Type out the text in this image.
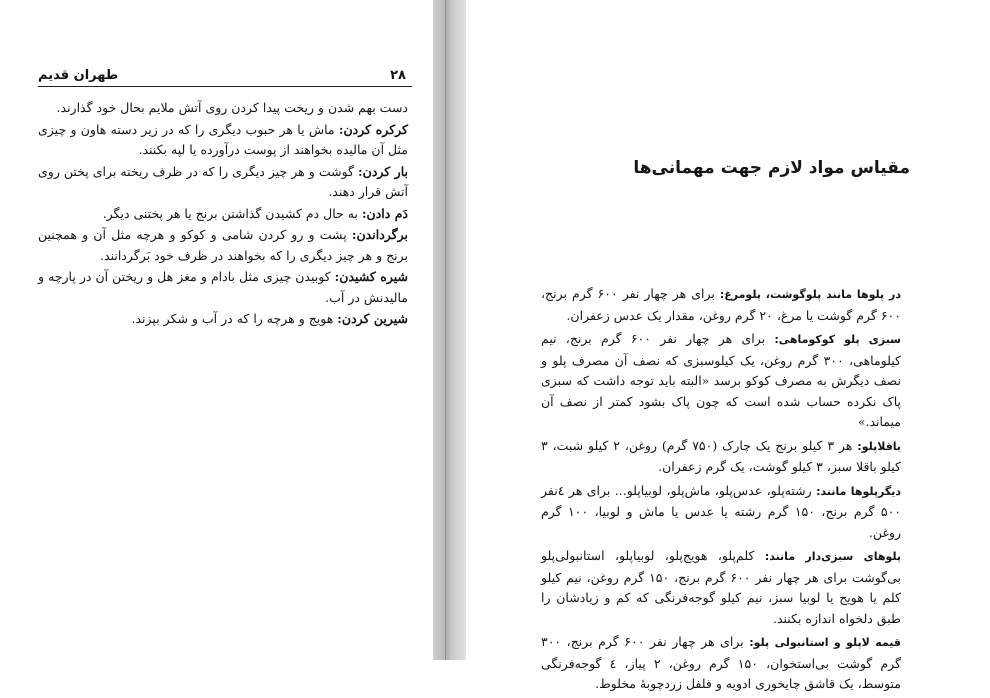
طهران قدیم	۲۸

دست بهم شدن و ریخت پیدا کردن روی آتش ملایم بحال خود گذارند.

کرکره کردن: ماش یا هر حبوب دیگری را که در زیر دسته هاون و چیزی مثل آن مالیده بخواهند از پوست درآورده یا لپه بکنند.

بار کردن: گوشت و هر چیز دیگری را که در ظرف ریخته برای پختن روی آتش قرار دهند.

دَم دادن: به حال دم کشیدن گذاشتن برنج یا هر پختنی دیگر.

برگرداندن: پشت و رو کردن شامی و کوکو و هرچه مثل آن و همچنین برنج و هر چیز دیگری را که بخواهند در ظرف خود بَرگردانند.

شیره کشیدن: کوبیدن چیزی مثل بادام و مغز هل و ریختن آن در پارچه و مالیدنش در آب.

شیرین کردن: هویج و هرچه را که در آب و شکر بپزند.

مقیاس مواد لازم جهت مهمانی‌ها

در پلوها مانند پلوگوشت، پلومرغ: برای هر چهار نفر ۶۰۰ گرم برنج، ۶۰۰ گرم گوشت یا مرغ، ۲۰ گرم روغن، مقدار یک عدس زعفران.

سبزی پلو کوکوماهی: برای هر چهار نفر ۶۰۰ گرم برنج، نیم کیلوماهی، ۳۰۰ گرم روغن، یک کیلوسبزی که نصف آن مصرف پلو و نصف دیگرش به مصرف کوکو برسد «البته باید توجه داشت که سبزی پاک نکرده حساب شده است که چون پاک بشود کمتر از نصف آن میماند.»

باقلاپلو: هر ۳ کیلو برنج یک چارک (۷۵۰ گرم) روغن، ۲ کیلو شبت، ۳ کیلو باقلا سبز، ۳ کیلو گوشت، یک گرم زعفران.

دیگرپلوها مانند: رشته‌پلو، عدس‌پلو، ماش‌پلو، لوبیاپلو... برای هر ٤نفر ۵۰۰ گرم برنج، ۱۵۰ گرم رشته یا عدس یا ماش و لوبیا، ۱۰۰ گرم روغن.

پلوهای سبزی‌دار مانند: کلم‌پلو، هویج‌پلو، لوبیاپلو، استانبولی‌پلو بی‌گوشت برای هر چهار نفر ۶۰۰ گرم برنج، ۱۵۰ گرم روغن، نیم کیلو کلم یا هویج یا لوبیا سبز، نیم کیلو گوجه‌فرنگی که کم و زیادشان را طبق دلخواه اندازه بکنند.

قیمه لاپلو و استانبولی پلو: برای هر چهار نفر ۶۰۰ گرم برنج، ۳۰۰ گرم گوشت بی‌استخوان، ۱۵۰ گرم روغن، ۲ پیاز، ٤ گوجه‌فرنگی متوسط، یک قاشق چایخوری ادویه و فلفل زردچوبهٔ مخلوط.
